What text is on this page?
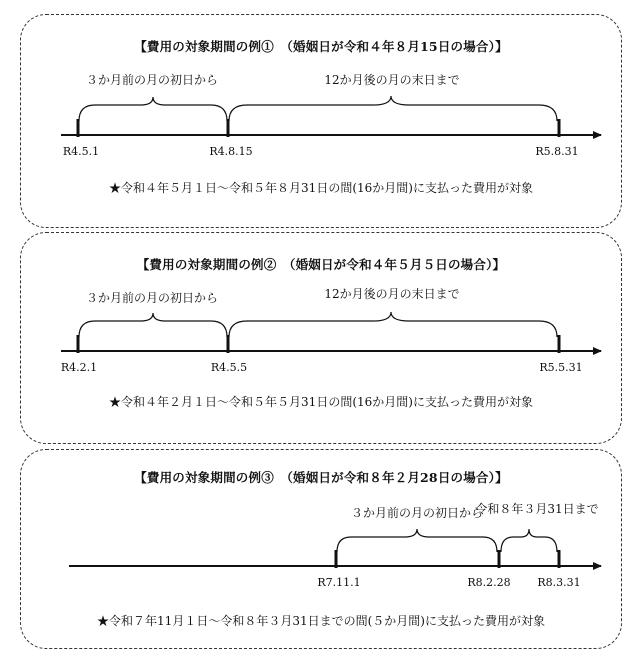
【費用の対象期間の例①　（婚姻日が令和４年８月15日の場合）】
３か月前の月の初日から	12か月後の月の末日まで
R4.5.1	R4.8.15	R5.8.31
★令和４年５月１日～令和５年８月31日の間(16か月間)に支払った費用が対象
【費用の対象期間の例②　（婚姻日が令和４年５月５日の場合）】
３か月前の月の初日から	12か月後の月の末日まで
R4.2.1	R4.5.5	R5.5.31
★令和４年２月１日～令和５年５月31日の間(16か月間)に支払った費用が対象
【費用の対象期間の例③　（婚姻日が令和８年２月28日の場合）】
３か月前の月の初日から
令和８年３月31日まで
R7.11.1	R8.2.28 R8.3.31
★令和７年11月１日～令和８年３月31日までの間(５か月間)に支払った費用が対象
